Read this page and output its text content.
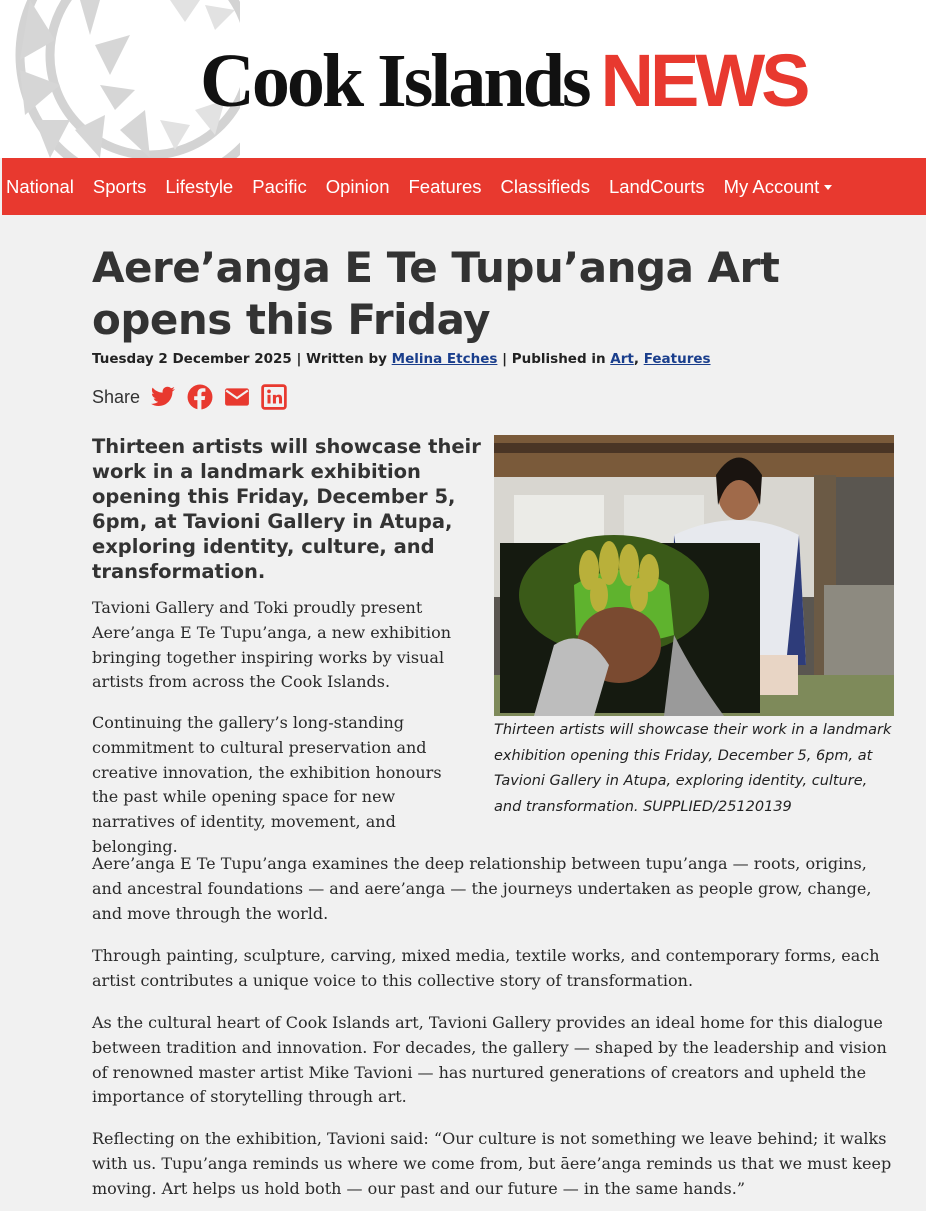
Cook Islands NEWS
National Sports Lifestyle Pacific Opinion Features Classifieds LandCourts My Account
Aere’anga E Te Tupu’anga Art opens this Friday
Tuesday 2 December 2025 | Written by Melina Etches | Published in Art, Features
Share

Thirteen artists will showcase their work in a landmark exhibition opening this Friday, December 5, 6pm, at Tavioni Gallery in Atupa, exploring identity, culture, and transformation.

Thirteen artists will showcase their work in a landmark exhibition opening this Friday, December 5, 6pm, at Tavioni Gallery in Atupa, exploring identity, culture, and transformation. SUPPLIED/25120139

Tavioni Gallery and Toki proudly present Aere’anga E Te Tupu’anga, a new exhibition bringing together inspiring works by visual artists from across the Cook Islands.

Continuing the gallery’s long-standing commitment to cultural preservation and creative innovation, the exhibition honours the past while opening space for new narratives of identity, movement, and belonging.

Aere’anga E Te Tupu’anga examines the deep relationship between tupu’anga — roots, origins, and ancestral foundations — and aere’anga — the journeys undertaken as people grow, change, and move through the world.

Through painting, sculpture, carving, mixed media, textile works, and contemporary forms, each artist contributes a unique voice to this collective story of transformation.

As the cultural heart of Cook Islands art, Tavioni Gallery provides an ideal home for this dialogue between tradition and innovation. For decades, the gallery — shaped by the leadership and vision of renowned master artist Mike Tavioni — has nurtured generations of creators and upheld the importance of storytelling through art.

Reflecting on the exhibition, Tavioni said: “Our culture is not something we leave behind; it walks with us. Tupu’anga reminds us where we come from, but āere’anga reminds us that we must keep moving. Art helps us hold both — our past and our future — in the same hands.”
